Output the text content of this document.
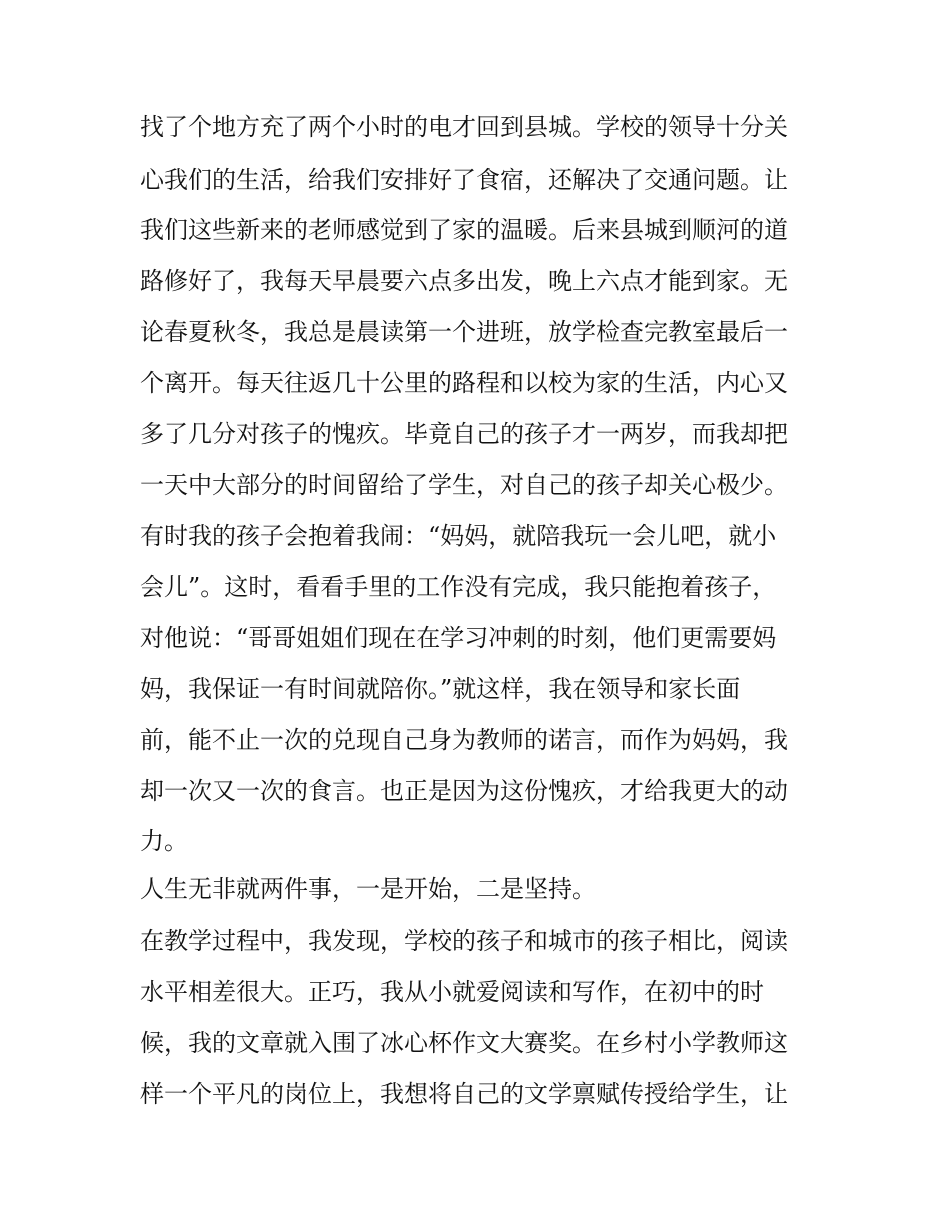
找了个地方充了两个小时的电才回到县城。学校的领导十分关
心我们的生活，给我们安排好了食宿，还解决了交通问题。让
我们这些新来的老师感觉到了家的温暖。后来县城到顺河的道
路修好了，我每天早晨要六点多出发，晚上六点才能到家。无
论春夏秋冬，我总是晨读第一个进班，放学检查完教室最后一
个离开。每天往返几十公里的路程和以校为家的生活，内心又
多了几分对孩子的愧疚。毕竟自己的孩子才一两岁，而我却把
一天中大部分的时间留给了学生，对自己的孩子却关心极少。
有时我的孩子会抱着我闹：“妈妈，就陪我玩一会儿吧，就小
会儿”。这时，看看手里的工作没有完成，我只能抱着孩子，
对他说：“哥哥姐姐们现在在学习冲刺的时刻，他们更需要妈
妈，我保证一有时间就陪你。”就这样，我在领导和家长面
前，能不止一次的兑现自己身为教师的诺言，而作为妈妈，我
却一次又一次的食言。也正是因为这份愧疚，才给我更大的动
力。
人生无非就两件事，一是开始，二是坚持。
在教学过程中，我发现，学校的孩子和城市的孩子相比，阅读
水平相差很大。正巧，我从小就爱阅读和写作，在初中的时
候，我的文章就入围了冰心杯作文大赛奖。在乡村小学教师这
样一个平凡的岗位上，我想将自己的文学禀赋传授给学生，让
